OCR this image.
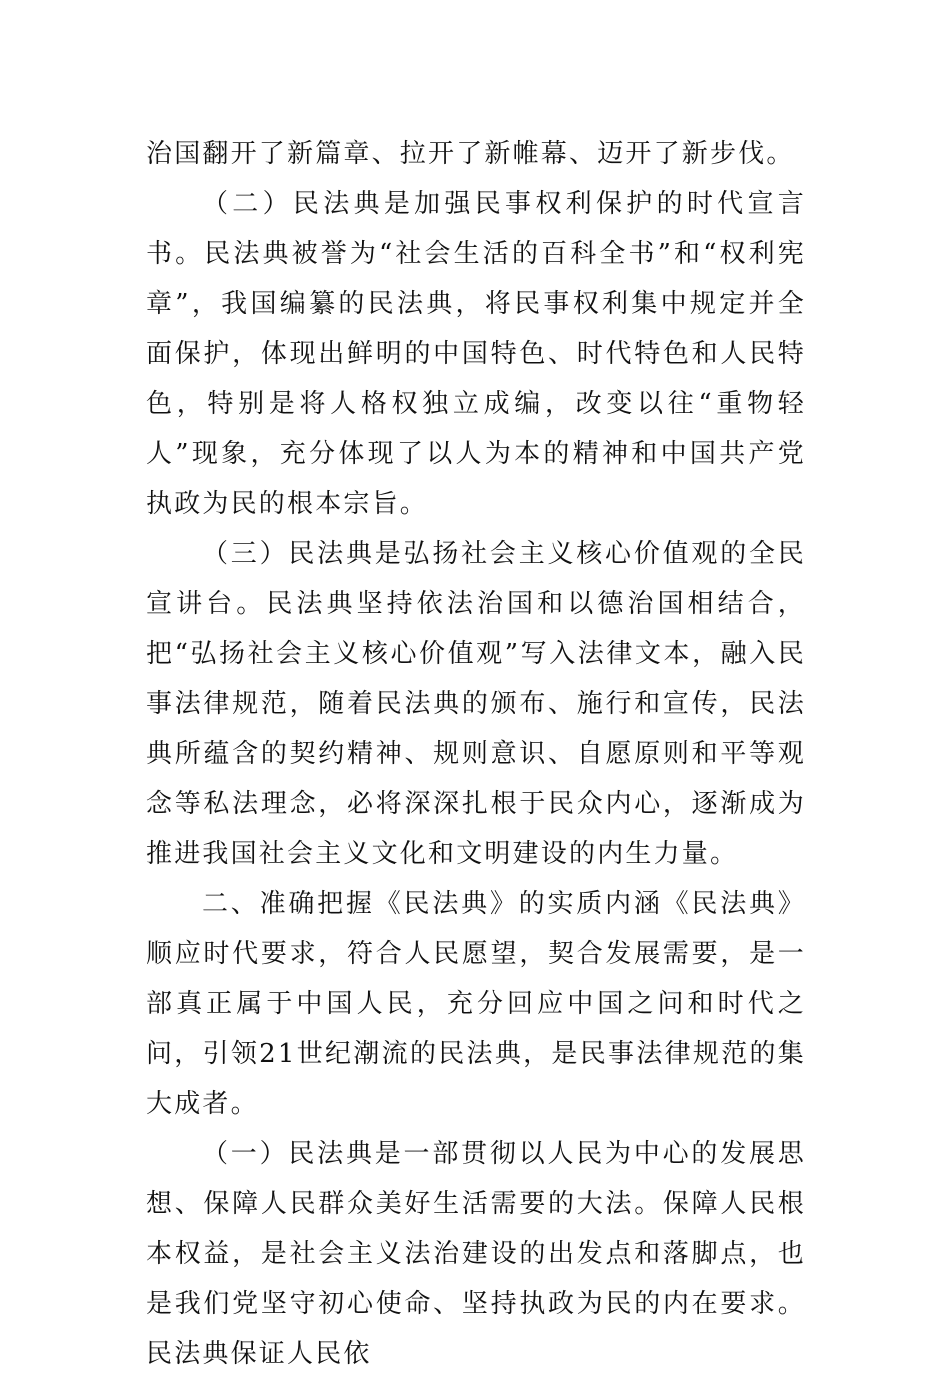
治国翻开了新篇章、拉开了新帷幕、迈开了新步伐。

（二）民法典是加强民事权利保护的时代宣言书。民法典被誉为“社会生活的百科全书”和“权利宪章”，我国编纂的民法典，将民事权利集中规定并全面保护，体现出鲜明的中国特色、时代特色和人民特色，特别是将人格权独立成编，改变以往“重物轻人”现象，充分体现了以人为本的精神和中国共产党执政为民的根本宗旨。

（三）民法典是弘扬社会主义核心价值观的全民宣讲台。民法典坚持依法治国和以德治国相结合，把“弘扬社会主义核心价值观”写入法律文本，融入民事法律规范，随着民法典的颁布、施行和宣传，民法典所蕴含的契约精神、规则意识、自愿原则和平等观念等私法理念，必将深深扎根于民众内心，逐渐成为推进我国社会主义文化和文明建设的内生力量。

二、准确把握《民法典》的实质内涵《民法典》顺应时代要求，符合人民愿望，契合发展需要，是一部真正属于中国人民，充分回应中国之问和时代之问，引领21世纪潮流的民法典，是民事法律规范的集大成者。

（一）民法典是一部贯彻以人民为中心的发展思想、保障人民群众美好生活需要的大法。保障人民根本权益，是社会主义法治建设的出发点和落脚点，也是我们党坚守初心使命、坚持执政为民的内在要求。民法典保证人民依
